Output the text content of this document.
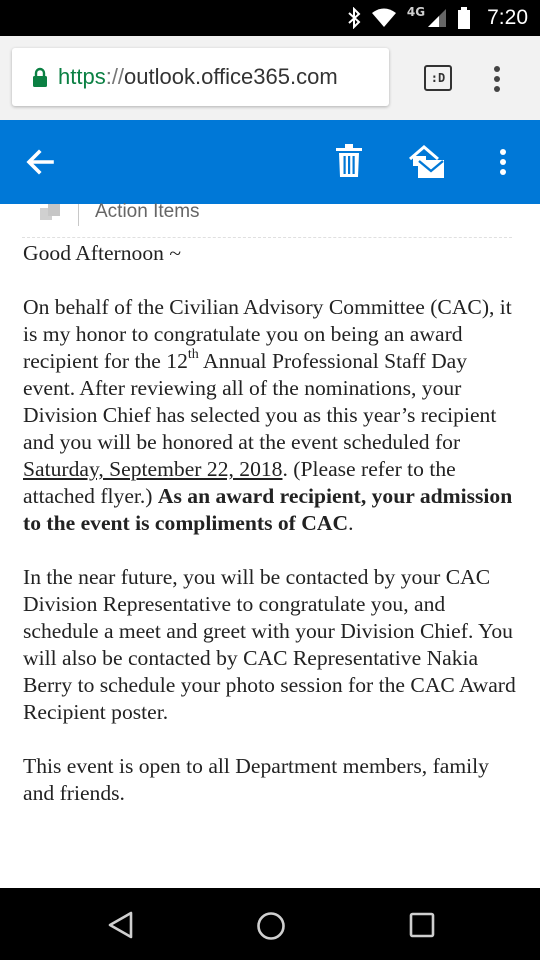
4G	7:20
https://outlook.office365.com	:D
Action Items

Good Afternoon ~

On behalf of the Civilian Advisory Committee (CAC), it is my honor to congratulate you on being an award recipient for the 12th Annual Professional Staff Day event. After reviewing all of the nominations, your Division Chief has selected you as this year’s recipient and you will be honored at the event scheduled for Saturday, September 22, 2018. (Please refer to the attached flyer.) As an award recipient, your admission to the event is compliments of CAC.

In the near future, you will be contacted by your CAC Division Representative to congratulate you, and schedule a meet and greet with your Division Chief. You will also be contacted by CAC Representative Nakia Berry to schedule your photo session for the CAC Award Recipient poster.

This event is open to all Department members, family and friends.
